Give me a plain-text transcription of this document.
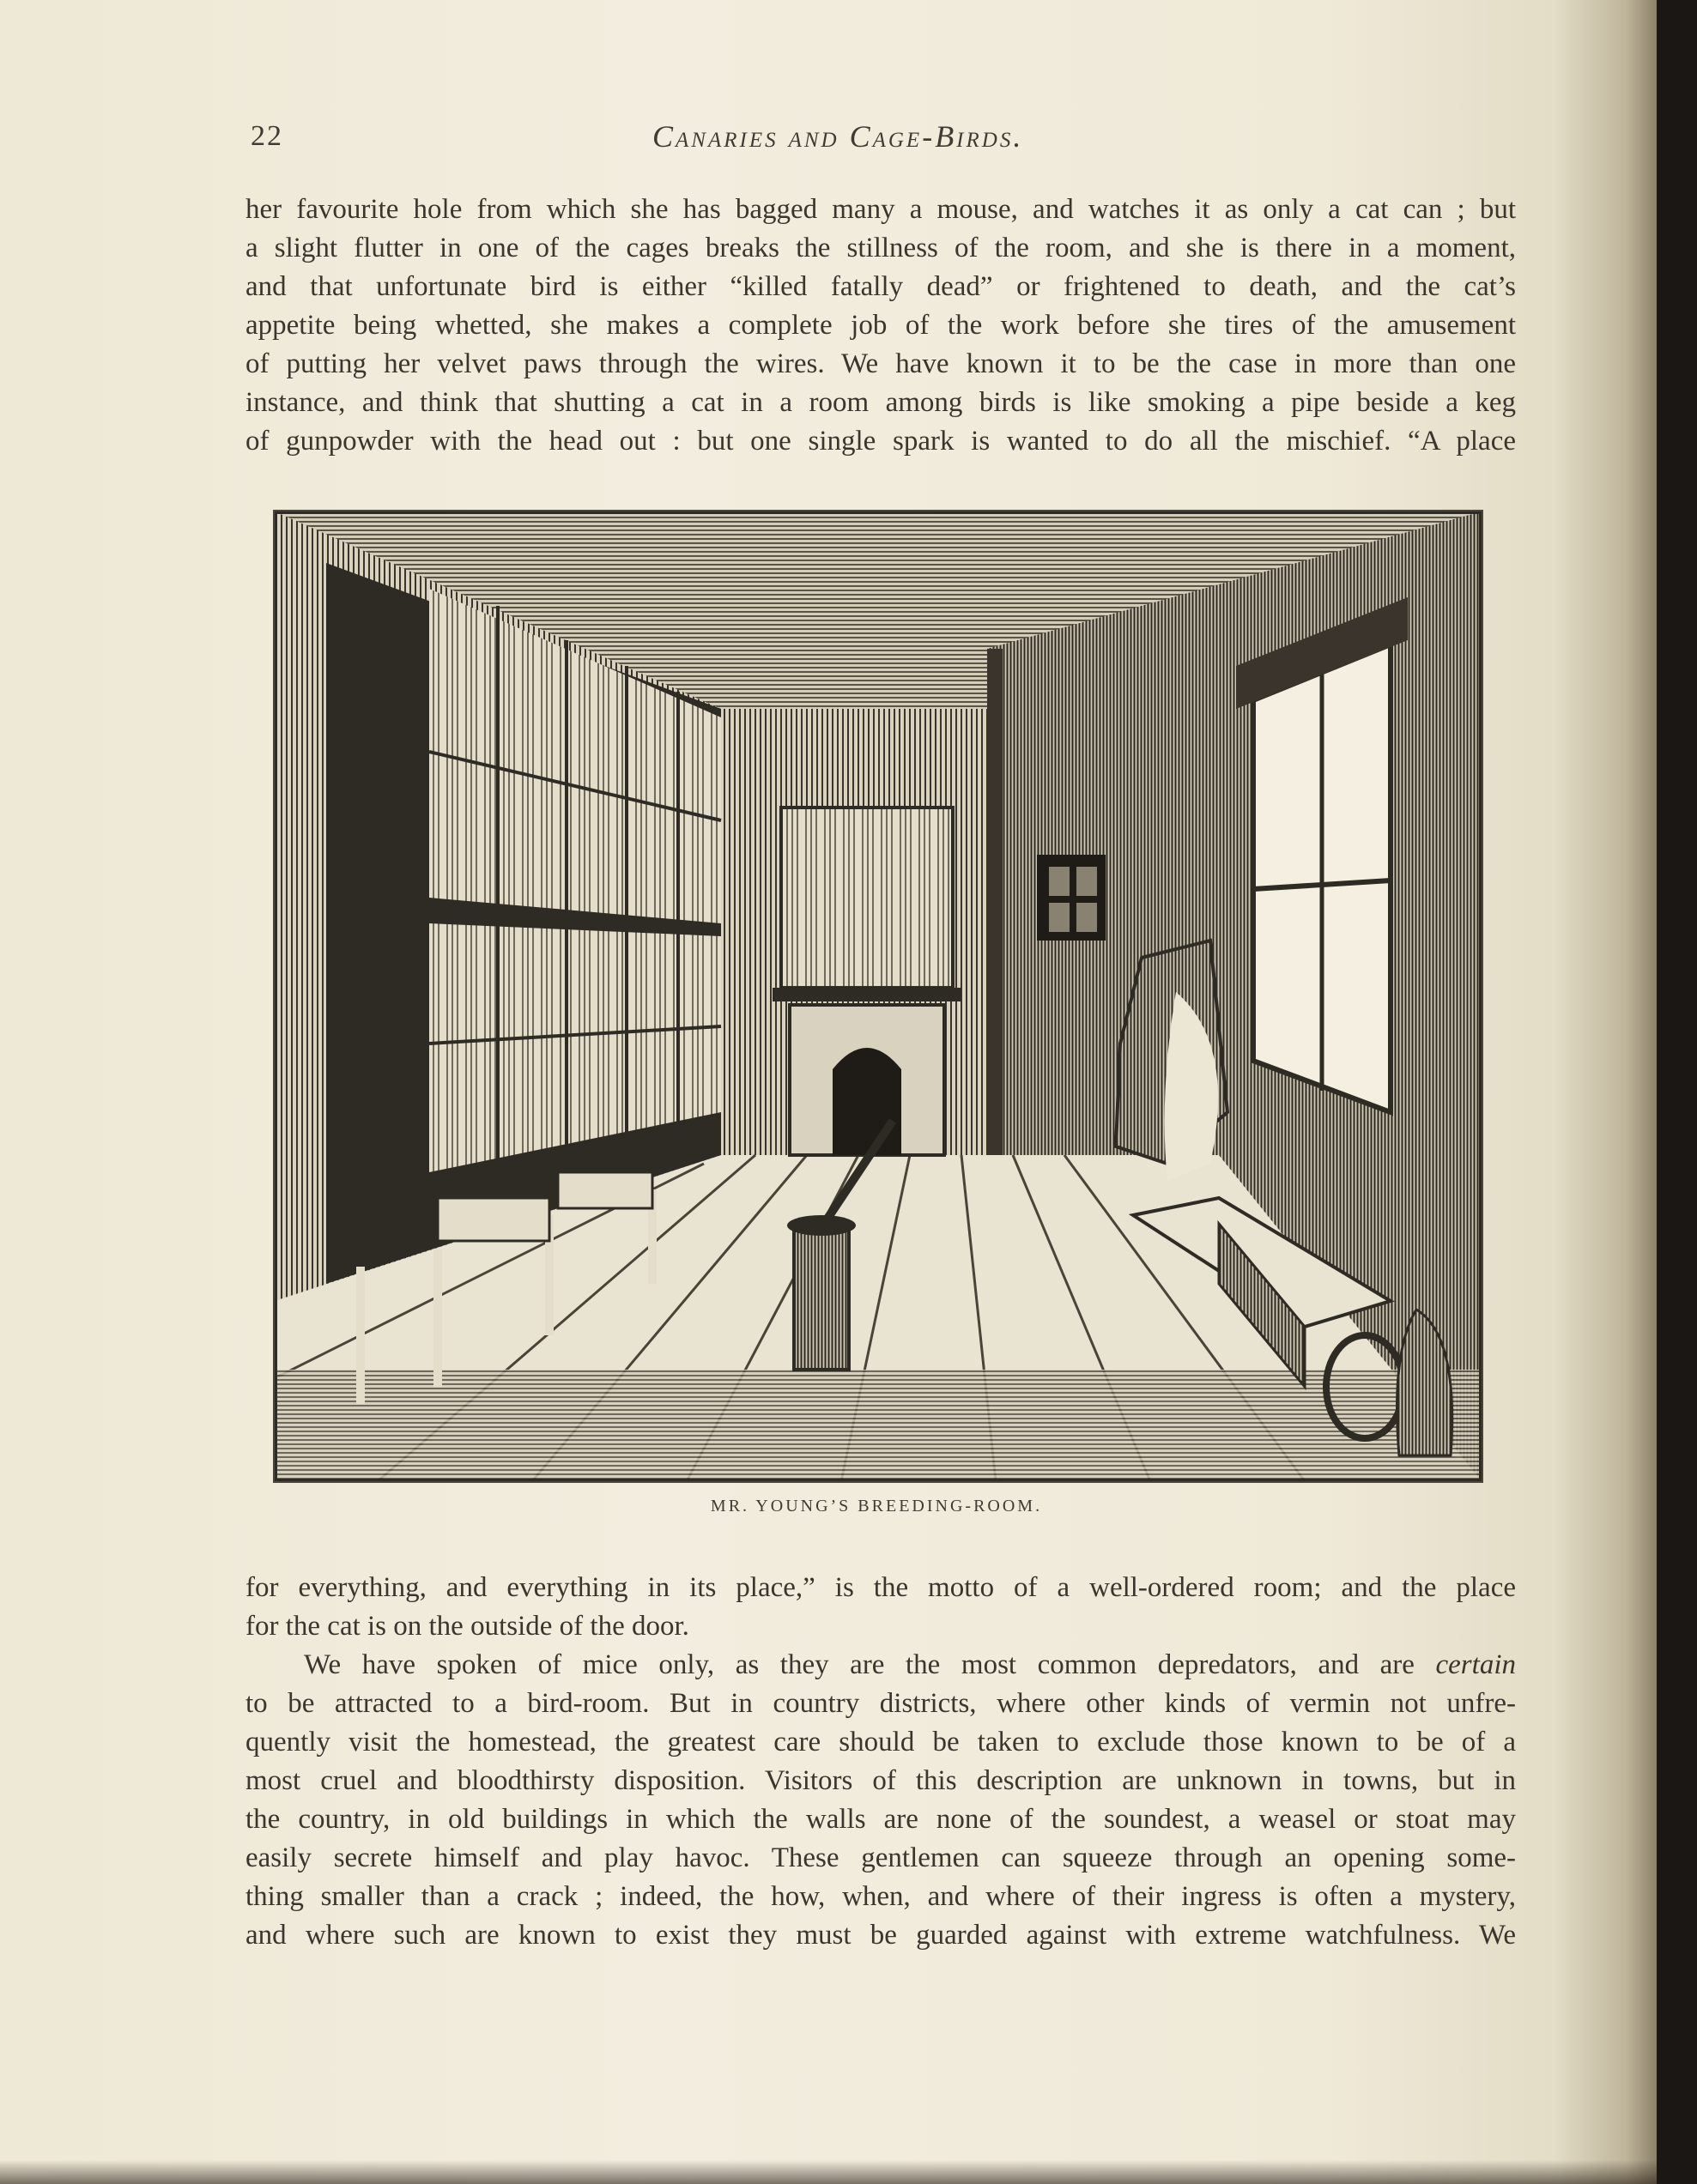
22	Canaries and Cage-Birds.

her favourite hole from which she has bagged many a mouse, and watches it as only a cat can ; but
a slight flutter in one of the cages breaks the stillness of the room, and she is there in a moment,
and that unfortunate bird is either “killed fatally dead” or frightened to death, and the cat’s
appetite being whetted, she makes a complete job of the work before she tires of the amusement
of putting her velvet paws through the wires. We have known it to be the case in more than one
instance, and think that shutting a cat in a room among birds is like smoking a pipe beside a keg
of gunpowder with the head out : but one single spark is wanted to do all the mischief. “A place

MR. YOUNG’S BREEDING-ROOM.

for everything, and everything in its place,” is the motto of a well-ordered room; and the place
for the cat is on the outside of the door.

We have spoken of mice only, as they are the most common depredators, and are certain
to be attracted to a bird-room. But in country districts, where other kinds of vermin not unfre-
quently visit the homestead, the greatest care should be taken to exclude those known to be of a
most cruel and bloodthirsty disposition. Visitors of this description are unknown in towns, but in
the country, in old buildings in which the walls are none of the soundest, a weasel or stoat may
easily secrete himself and play havoc. These gentlemen can squeeze through an opening some-
thing smaller than a crack ; indeed, the how, when, and where of their ingress is often a mystery,
and where such are known to exist they must be guarded against with extreme watchfulness. We
